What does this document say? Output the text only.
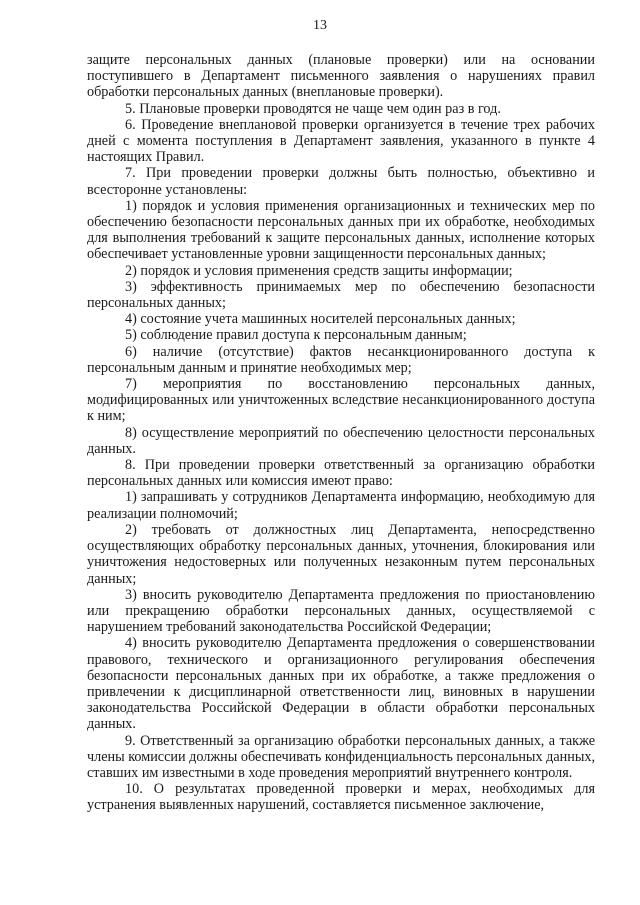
13

защите персональных данных (плановые проверки) или на основании поступившего в Департамент письменного заявления о нарушениях правил обработки персональных данных (внеплановые проверки).

5. Плановые проверки проводятся не чаще чем один раз в год.

6. Проведение внеплановой проверки организуется в течение трех рабочих дней с момента поступления в Департамент заявления, указанного в пункте 4 настоящих Правил.

7. При проведении проверки должны быть полностью, объективно и всесторонне установлены:

1) порядок и условия применения организационных и технических мер по обеспечению безопасности персональных данных при их обработке, необходимых для выполнения требований к защите персональных данных, исполнение которых обеспечивает установленные уровни защищенности персональных данных;

2) порядок и условия применения средств защиты информации;

3) эффективность принимаемых мер по обеспечению безопасности персональных данных;

4) состояние учета машинных носителей персональных данных;

5) соблюдение правил доступа к персональным данным;

6) наличие (отсутствие) фактов несанкционированного доступа к персональным данным и принятие необходимых мер;

7) мероприятия по восстановлению персональных данных, модифицированных или уничтоженных вследствие несанкционированного доступа к ним;

8) осуществление мероприятий по обеспечению целостности персональных данных.

8. При проведении проверки ответственный за организацию обработки персональных данных или комиссия имеют право:

1) запрашивать у сотрудников Департамента информацию, необходимую для реализации полномочий;

2) требовать от должностных лиц Департамента, непосредственно осуществляющих обработку персональных данных, уточнения, блокирования или уничтожения недостоверных или полученных незаконным путем персональных данных;

3) вносить руководителю Департамента предложения по приостановлению или прекращению обработки персональных данных, осуществляемой с нарушением требований законодательства Российской Федерации;

4) вносить руководителю Департамента предложения о совершенствовании правового, технического и организационного регулирования обеспечения безопасности персональных данных при их обработке, а также предложения о привлечении к дисциплинарной ответственности лиц, виновных в нарушении законодательства Российской Федерации в области обработки персональных данных.

9. Ответственный за организацию обработки персональных данных, а также члены комиссии должны обеспечивать конфиденциальность персональных данных, ставших им известными в ходе проведения мероприятий внутреннего контроля.

10. О результатах проведенной проверки и мерах, необходимых для устранения выявленных нарушений, составляется письменное заключение,
